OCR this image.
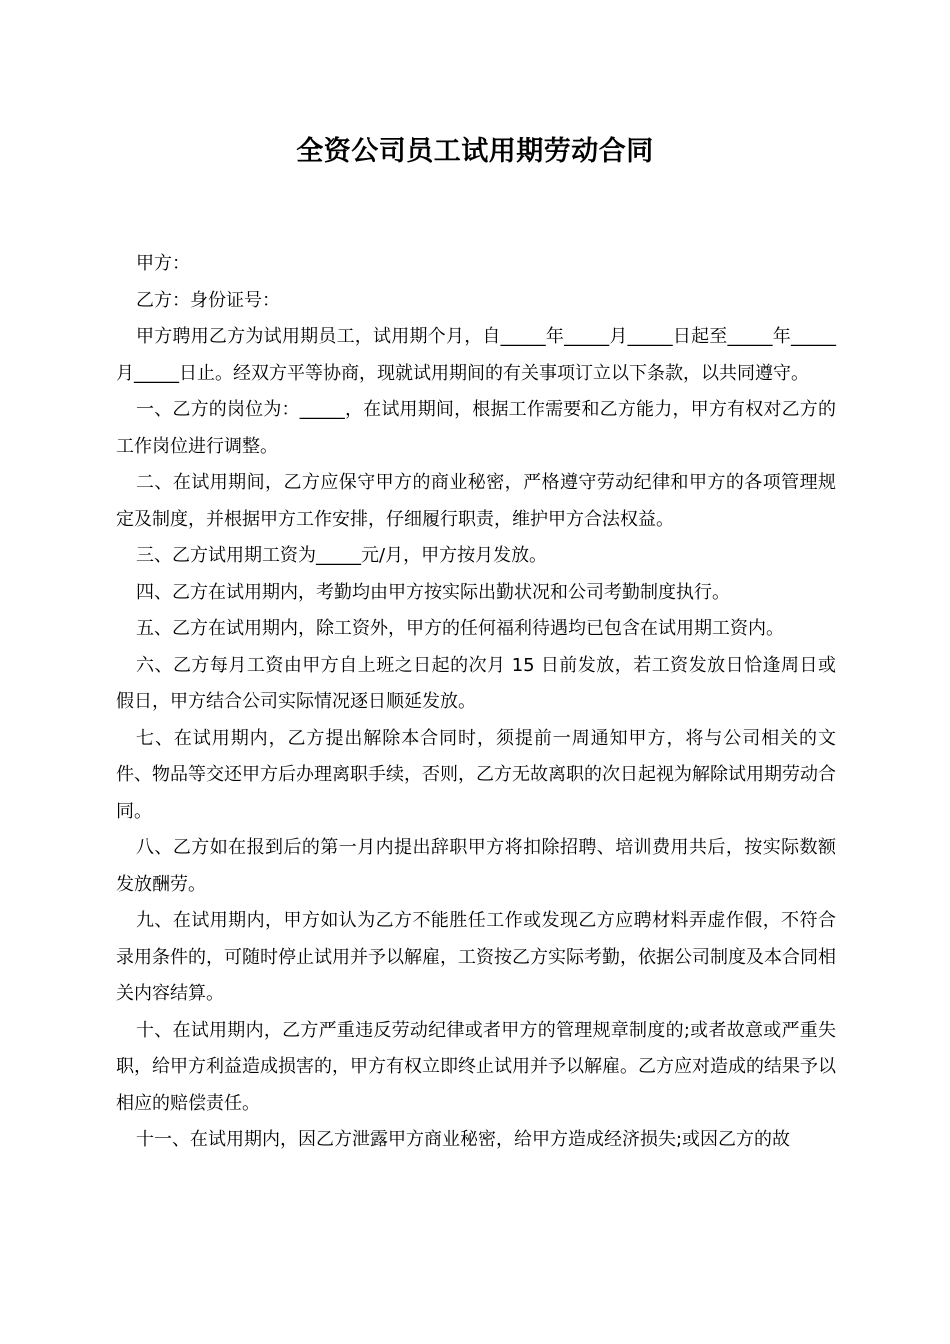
全资公司员工试用期劳动合同

甲方：

乙方：身份证号：

甲方聘用乙方为试用期员工，试用期个月，自_____年_____月_____日起至_____年_____月_____日止。经双方平等协商，现就试用期间的有关事项订立以下条款，以共同遵守。

一、乙方的岗位为：_____，在试用期间，根据工作需要和乙方能力，甲方有权对乙方的工作岗位进行调整。

二、在试用期间，乙方应保守甲方的商业秘密，严格遵守劳动纪律和甲方的各项管理规定及制度，并根据甲方工作安排，仔细履行职责，维护甲方合法权益。

三、乙方试用期工资为_____元/月，甲方按月发放。

四、乙方在试用期内，考勤均由甲方按实际出勤状况和公司考勤制度执行。

五、乙方在试用期内，除工资外，甲方的任何福利待遇均已包含在试用期工资内。

六、乙方每月工资由甲方自上班之日起的次月 15 日前发放，若工资发放日恰逢周日或假日，甲方结合公司实际情况逐日顺延发放。

七、在试用期内，乙方提出解除本合同时，须提前一周通知甲方，将与公司相关的文件、物品等交还甲方后办理离职手续，否则，乙方无故离职的次日起视为解除试用期劳动合同。

八、乙方如在报到后的第一月内提出辞职甲方将扣除招聘、培训费用共后，按实际数额发放酬劳。

九、在试用期内，甲方如认为乙方不能胜任工作或发现乙方应聘材料弄虚作假，不符合录用条件的，可随时停止试用并予以解雇，工资按乙方实际考勤，依据公司制度及本合同相关内容结算。

十、在试用期内，乙方严重违反劳动纪律或者甲方的管理规章制度的;或者故意或严重失职，给甲方利益造成损害的，甲方有权立即终止试用并予以解雇。乙方应对造成的结果予以相应的赔偿责任。

十一、在试用期内，因乙方泄露甲方商业秘密，给甲方造成经济损失;或因乙方的故
